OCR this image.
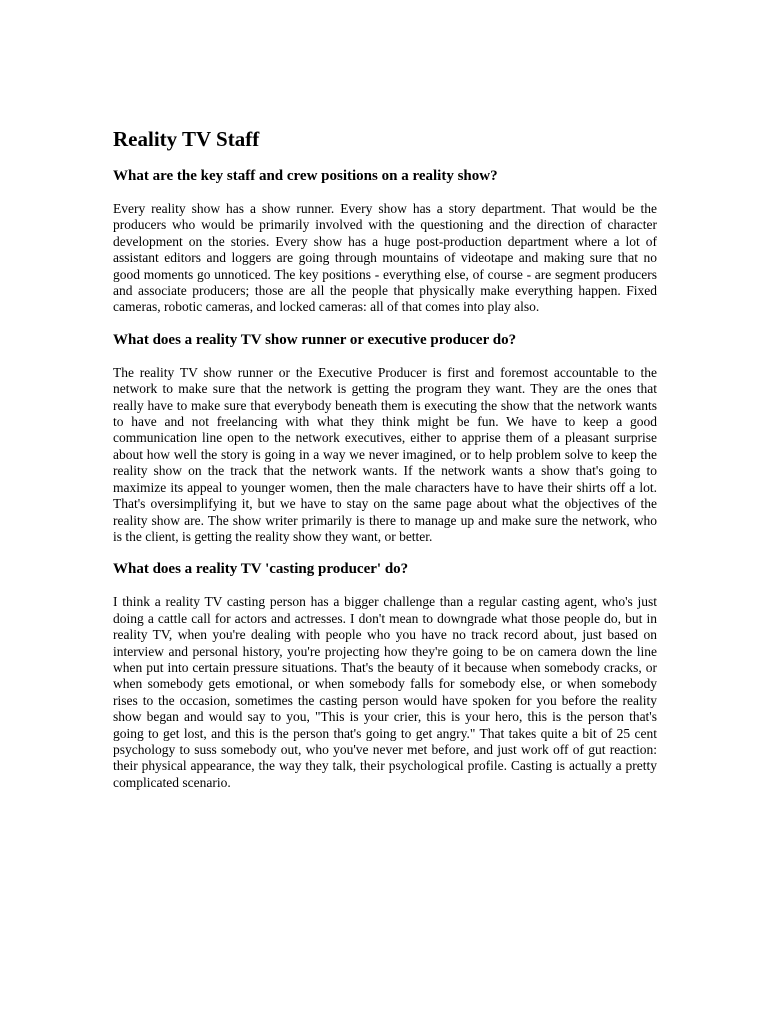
Reality TV Staff
What are the key staff and crew positions on a reality show?

Every reality show has a show runner. Every show has a story department. That would be the producers who would be primarily involved with the questioning and the direction of character development on the stories. Every show has a huge post-production department where a lot of assistant editors and loggers are going through mountains of videotape and making sure that no good moments go unnoticed. The key positions - everything else, of course - are segment producers and associate producers; those are all the people that physically make everything happen. Fixed cameras, robotic cameras, and locked cameras: all of that comes into play also.

What does a reality TV show runner or executive producer do?

The reality TV show runner or the Executive Producer is first and foremost accountable to the network to make sure that the network is getting the program they want. They are the ones that really have to make sure that everybody beneath them is executing the show that the network wants to have and not freelancing with what they think might be fun. We have to keep a good communication line open to the network executives, either to apprise them of a pleasant surprise about how well the story is going in a way we never imagined, or to help problem solve to keep the reality show on the track that the network wants. If the network wants a show that's going to maximize its appeal to younger women, then the male characters have to have their shirts off a lot. That's oversimplifying it, but we have to stay on the same page about what the objectives of the reality show are. The show writer primarily is there to manage up and make sure the network, who is the client, is getting the reality show they want, or better.

What does a reality TV 'casting producer' do?

I think a reality TV casting person has a bigger challenge than a regular casting agent, who's just doing a cattle call for actors and actresses. I don't mean to downgrade what those people do, but in reality TV, when you're dealing with people who you have no track record about, just based on interview and personal history, you're projecting how they're going to be on camera down the line when put into certain pressure situations. That's the beauty of it because when somebody cracks, or when somebody gets emotional, or when somebody falls for somebody else, or when somebody rises to the occasion, sometimes the casting person would have spoken for you before the reality show began and would say to you, "This is your crier, this is your hero, this is the person that's going to get lost, and this is the person that's going to get angry." That takes quite a bit of 25 cent psychology to suss somebody out, who you've never met before, and just work off of gut reaction: their physical appearance, the way they talk, their psychological profile. Casting is actually a pretty complicated scenario.
